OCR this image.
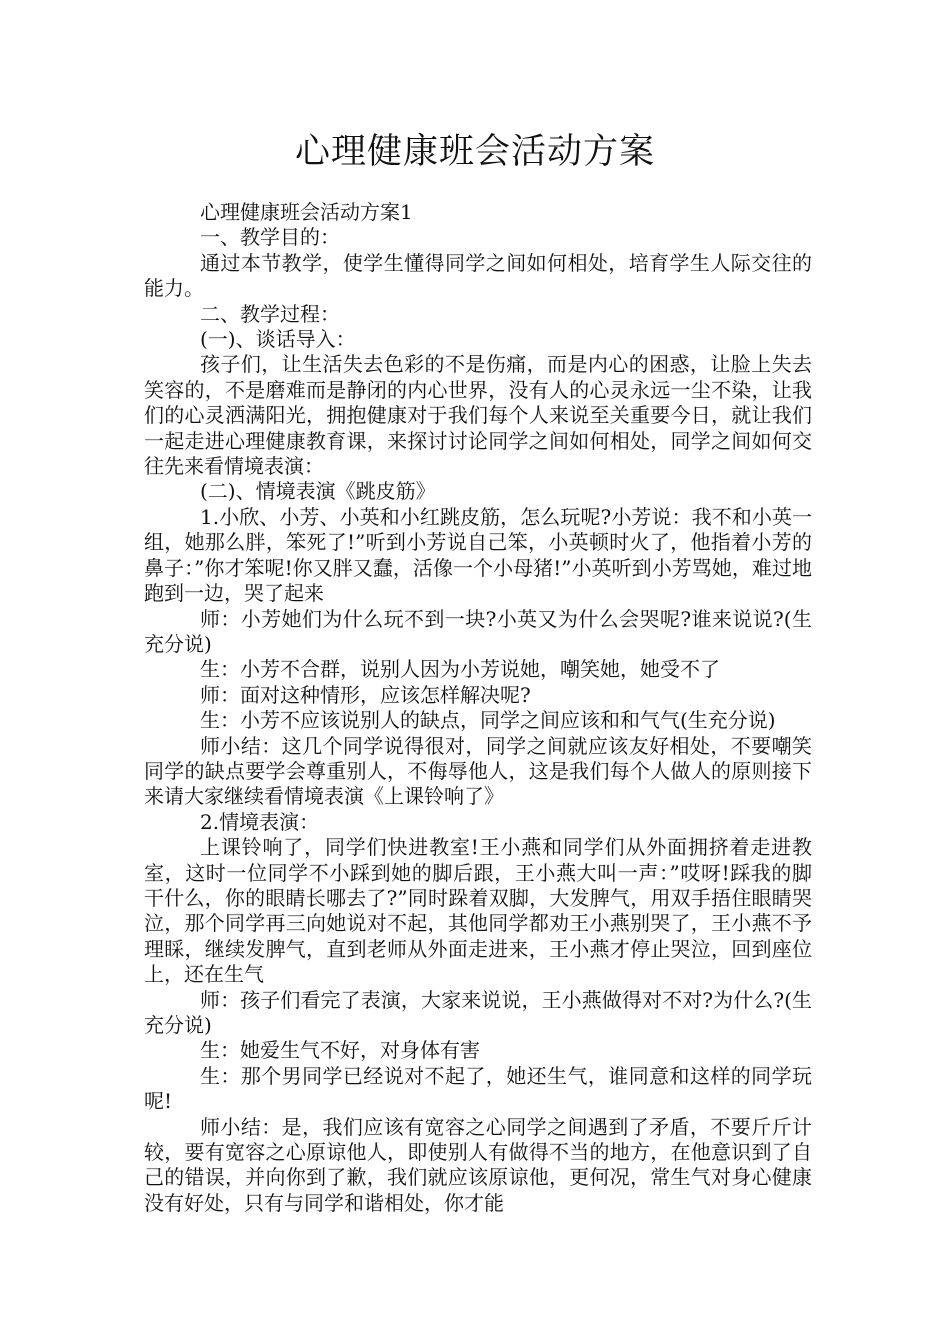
心理健康班会活动方案

心理健康班会活动方案1

一、教学目的：

通过本节教学，使学生懂得同学之间如何相处，培育学生人际交往的能力。

二、教学过程：

(一)、谈话导入：

孩子们，让生活失去色彩的不是伤痛，而是内心的困惑，让脸上失去笑容的，不是磨难而是静闭的内心世界，没有人的心灵永远一尘不染，让我们的心灵洒满阳光，拥抱健康对于我们每个人来说至关重要今日，就让我们一起走进心理健康教育课，来探讨讨论同学之间如何相处，同学之间如何交往先来看情境表演：

(二)、情境表演《跳皮筋》

1.小欣、小芳、小英和小红跳皮筋，怎么玩呢?小芳说：我不和小英一组，她那么胖，笨死了!”听到小芳说自己笨，小英顿时火了，他指着小芳的鼻子：”你才笨呢!你又胖又蠢，活像一个小母猪!”小英听到小芳骂她，难过地跑到一边，哭了起来

师：小芳她们为什么玩不到一块?小英又为什么会哭呢?谁来说说?(生充分说)

生：小芳不合群，说别人因为小芳说她，嘲笑她，她受不了

师：面对这种情形，应该怎样解决呢?

生：小芳不应该说别人的缺点，同学之间应该和和气气(生充分说)

师小结：这几个同学说得很对，同学之间就应该友好相处，不要嘲笑同学的缺点要学会尊重别人，不侮辱他人，这是我们每个人做人的原则接下来请大家继续看情境表演《上课铃响了》

2.情境表演：

上课铃响了，同学们快进教室!王小燕和同学们从外面拥挤着走进教室，这时一位同学不小踩到她的脚后跟，王小燕大叫一声：”哎呀!踩我的脚干什么，你的眼睛长哪去了?”同时跺着双脚，大发脾气，用双手捂住眼睛哭泣，那个同学再三向她说对不起，其他同学都劝王小燕别哭了，王小燕不予理睬，继续发脾气，直到老师从外面走进来，王小燕才停止哭泣，回到座位上，还在生气

师：孩子们看完了表演，大家来说说，王小燕做得对不对?为什么?(生充分说)

生：她爱生气不好，对身体有害

生：那个男同学已经说对不起了，她还生气，谁同意和这样的同学玩呢!

师小结：是，我们应该有宽容之心同学之间遇到了矛盾，不要斤斤计较，要有宽容之心原谅他人，即使别人有做得不当的地方，在他意识到了自己的错误，并向你到了歉，我们就应该原谅他，更何况，常生气对身心健康没有好处，只有与同学和谐相处，你才能
